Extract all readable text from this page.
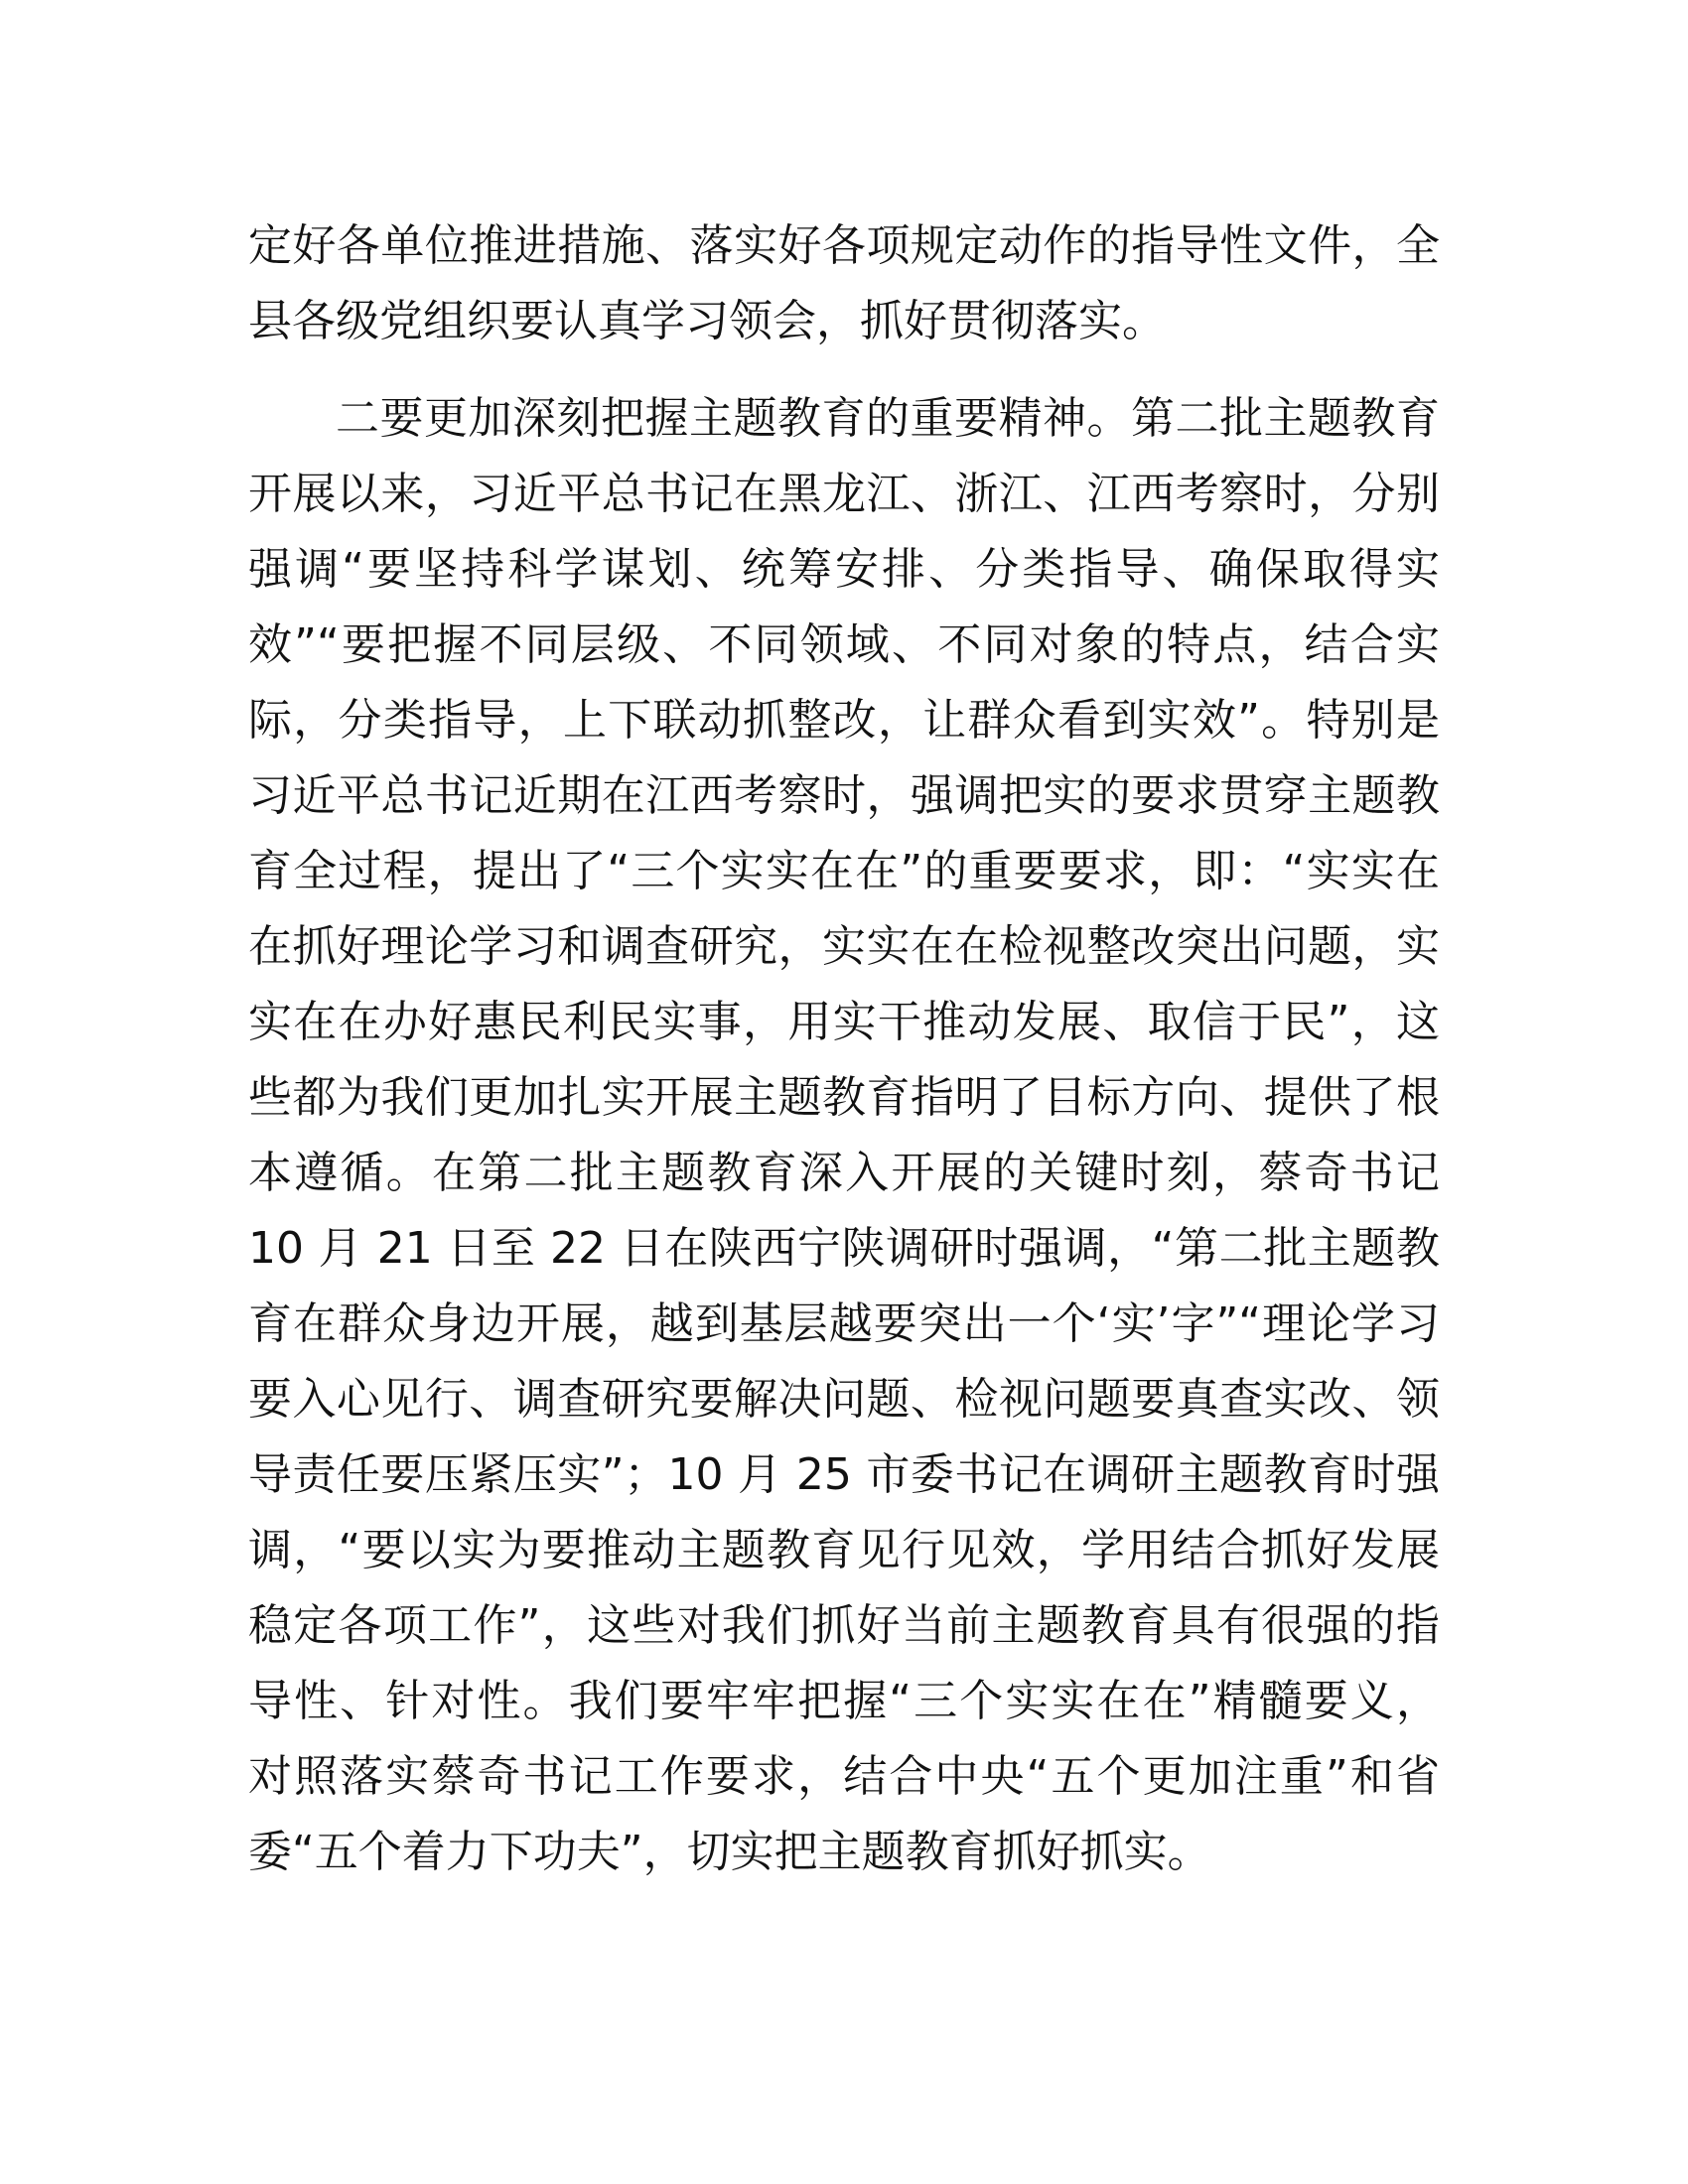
定好各单位推进措施、落实好各项规定动作的指导性文件，全
县各级党组织要认真学习领会，抓好贯彻落实。
二要更加深刻把握主题教育的重要精神。第二批主题教育
开展以来，习近平总书记在黑龙江、浙江、江西考察时，分别
强调“要坚持科学谋划、统筹安排、分类指导、确保取得实
效”“要把握不同层级、不同领域、不同对象的特点，结合实
际，分类指导，上下联动抓整改，让群众看到实效”。特别是
习近平总书记近期在江西考察时，强调把实的要求贯穿主题教
育全过程，提出了“三个实实在在”的重要要求，即：“实实在
在抓好理论学习和调查研究，实实在在检视整改突出问题，实
实在在办好惠民利民实事，用实干推动发展、取信于民”，这
些都为我们更加扎实开展主题教育指明了目标方向、提供了根
本遵循。在第二批主题教育深入开展的关键时刻，蔡奇书记
10 月 21 日至 22 日在陕西宁陕调研时强调，“第二批主题教
育在群众身边开展，越到基层越要突出一个‘实’字”“理论学习
要入心见行、调查研究要解决问题、检视问题要真查实改、领
导责任要压紧压实”；10 月 25 市委书记在调研主题教育时强
调，“要以实为要推动主题教育见行见效，学用结合抓好发展
稳定各项工作”，这些对我们抓好当前主题教育具有很强的指
导性、针对性。我们要牢牢把握“三个实实在在”精髓要义，
对照落实蔡奇书记工作要求，结合中央“五个更加注重”和省
委“五个着力下功夫”，切实把主题教育抓好抓实。
